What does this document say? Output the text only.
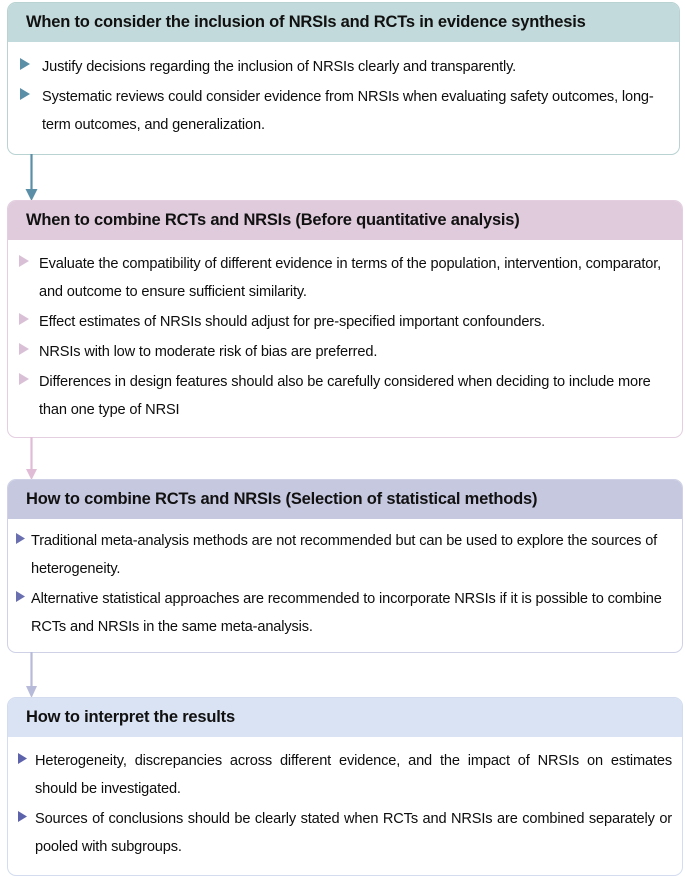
When to consider the inclusion of NRSIs and RCTs in evidence synthesis
Justify decisions regarding the inclusion of NRSIs clearly and transparently.
Systematic reviews could consider evidence from NRSIs when evaluating safety outcomes, long-term outcomes, and generalization.
When to combine RCTs and NRSIs (Before quantitative analysis)
Evaluate the compatibility of different evidence in terms of the population, intervention, comparator, and outcome to ensure sufficient similarity.
Effect estimates of NRSIs should adjust for pre-specified important confounders.
NRSIs with low to moderate risk of bias are preferred.
Differences in design features should also be carefully considered when deciding to include more than one type of NRSI
How to combine RCTs and NRSIs (Selection of statistical methods)
Traditional meta-analysis methods are not recommended but can be used to explore the sources of heterogeneity.
Alternative statistical approaches are recommended to incorporate NRSIs if it is possible to combine RCTs and NRSIs in the same meta-analysis.
How to interpret the results
Heterogeneity, discrepancies across different evidence, and the impact of NRSIs on estimates should be investigated.
Sources of conclusions should be clearly stated when RCTs and NRSIs are combined separately or pooled with subgroups.
